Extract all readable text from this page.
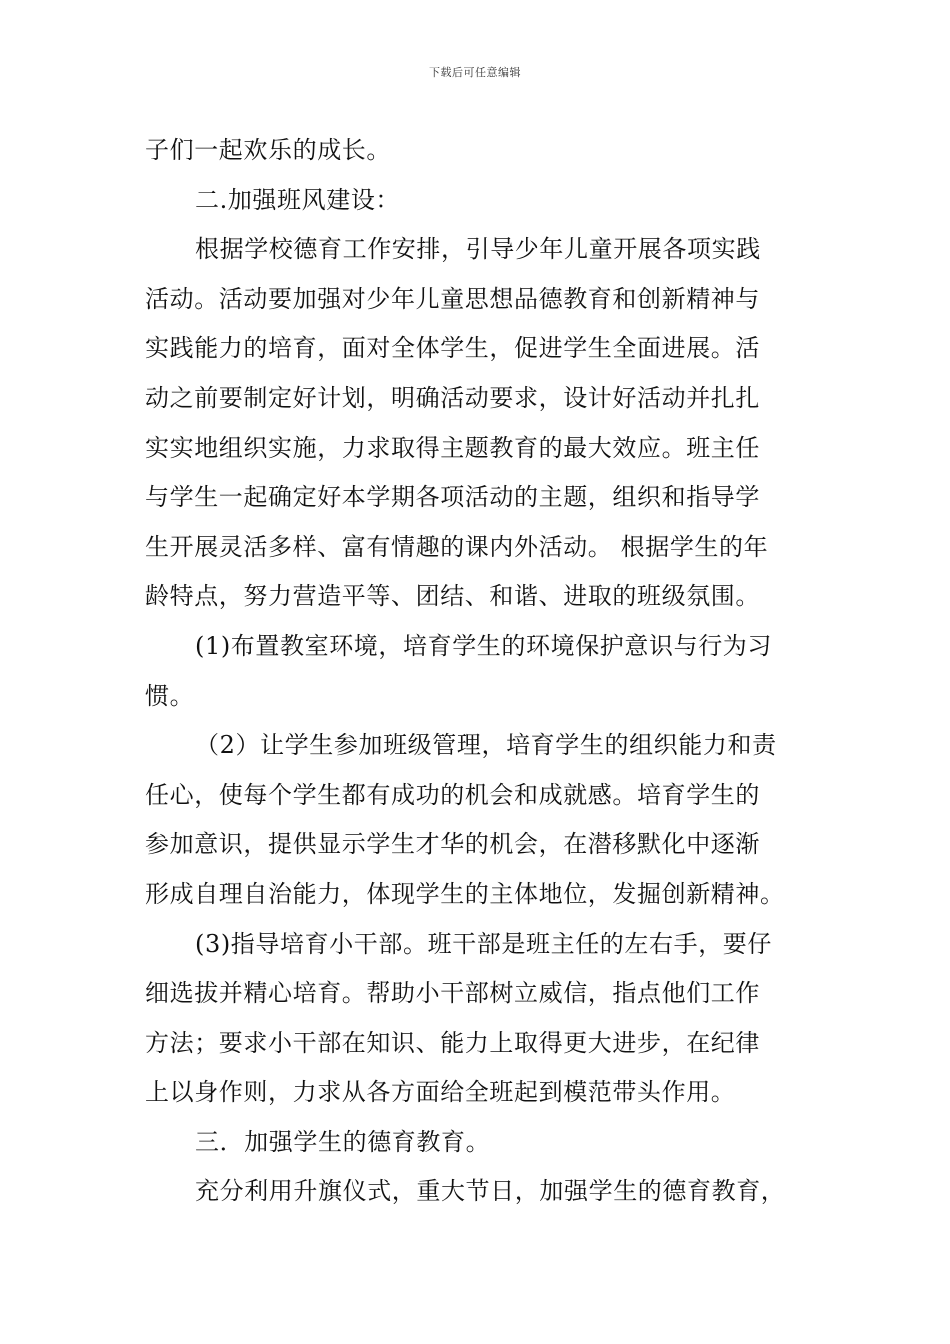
下载后可任意编辑
子们一起欢乐的成长。
二.加强班风建设：
根据学校德育工作安排，引导少年儿童开展各项实践
活动。活动要加强对少年儿童思想品德教育和创新精神与
实践能力的培育，面对全体学生，促进学生全面进展。活
动之前要制定好计划，明确活动要求，设计好活动并扎扎
实实地组织实施，力求取得主题教育的最大效应。班主任
与学生一起确定好本学期各项活动的主题，组织和指导学
生开展灵活多样、富有情趣的课内外活动。 根据学生的年
龄特点，努力营造平等、团结、和谐、进取的班级氛围。
(1)布置教室环境，培育学生的环境保护意识与行为习
惯。
（2）让学生参加班级管理，培育学生的组织能力和责
任心，使每个学生都有成功的机会和成就感。培育学生的
参加意识，提供显示学生才华的机会，在潜移默化中逐渐
形成自理自治能力，体现学生的主体地位，发掘创新精神。
(3)指导培育小干部。班干部是班主任的左右手，要仔
细选拔并精心培育。帮助小干部树立威信，指点他们工作
方法；要求小干部在知识、能力上取得更大进步，在纪律
上以身作则，力求从各方面给全班起到模范带头作用。
三．加强学生的德育教育。
充分利用升旗仪式，重大节日，加强学生的德育教育，
